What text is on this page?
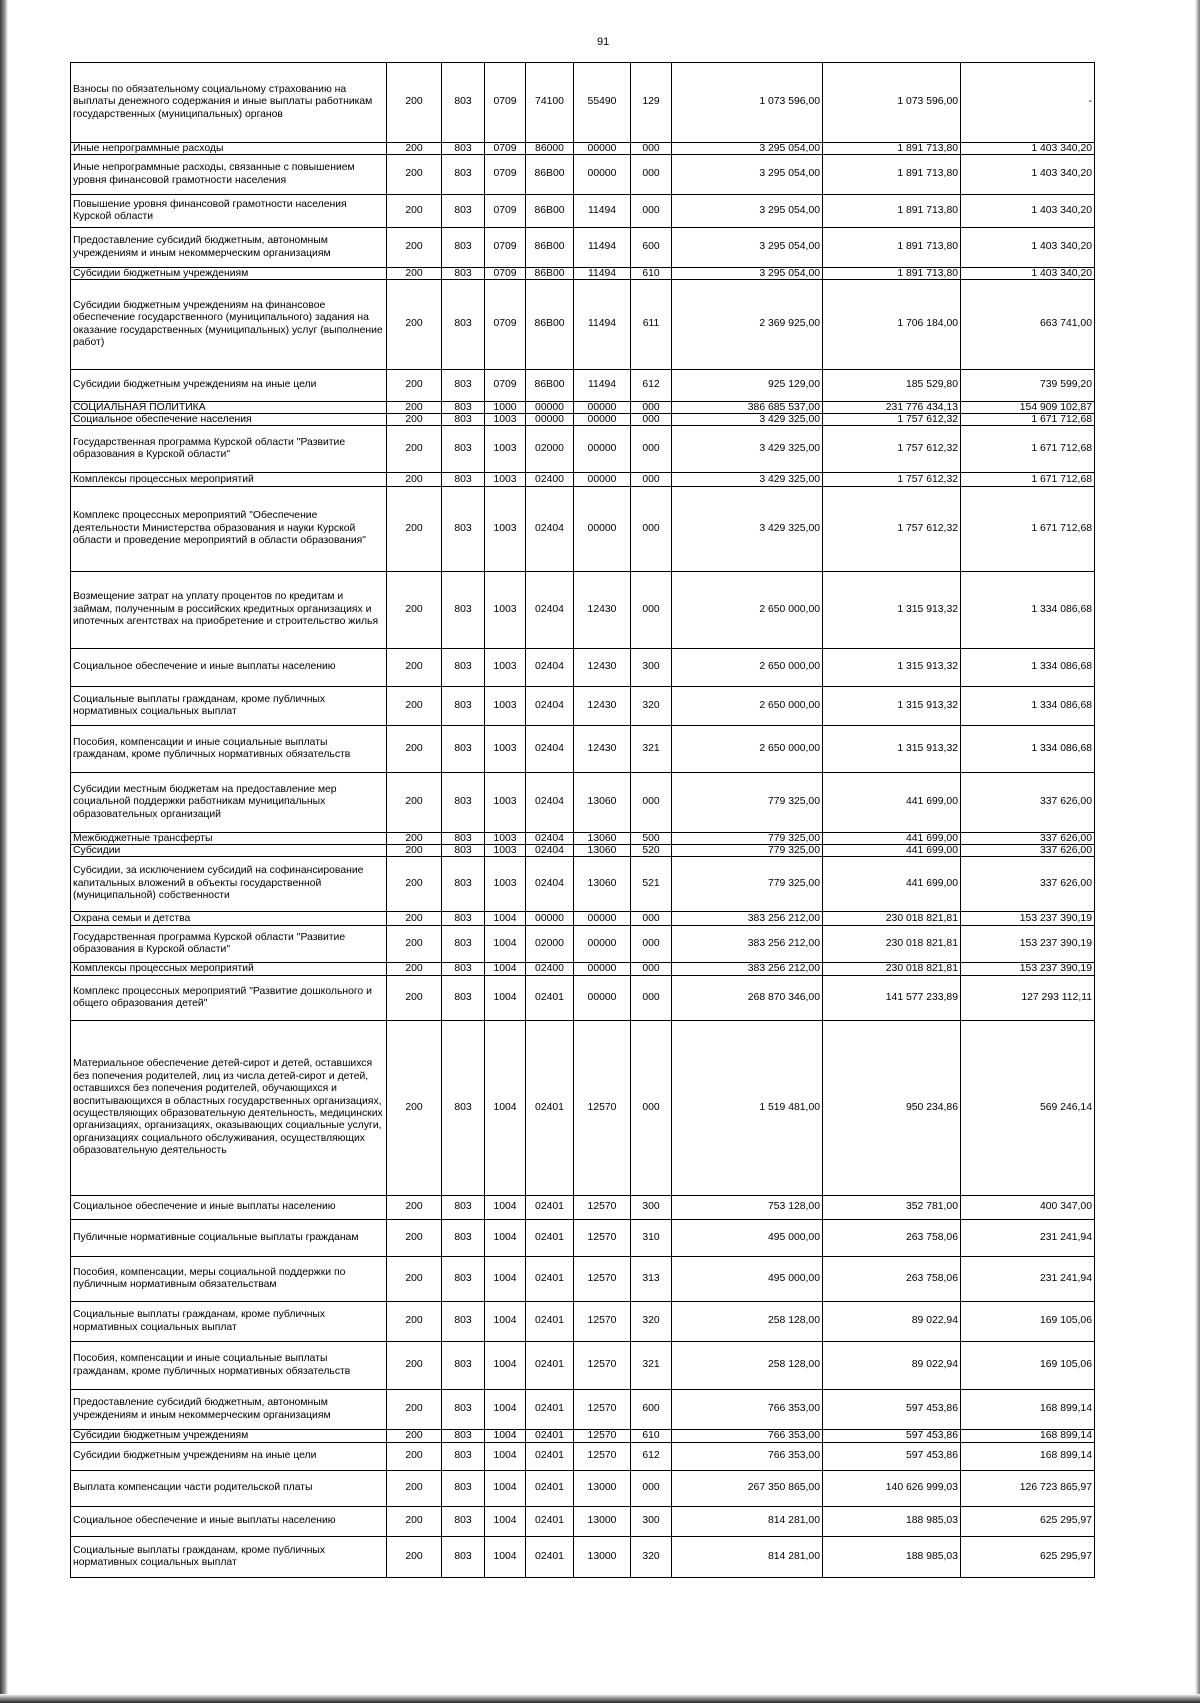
91
Взносы по обязательному социальному страхованию на выплаты денежного содержания и иные выплаты работникам государственных (муниципальных) органов	200	803	0709	74100	55490	129	1 073 596,00	1 073 596,00	-
Иные непрограммные расходы	200	803	0709	86000	00000	000	3 295 054,00	1 891 713,80	1 403 340,20
Иные непрограммные расходы, связанные с повышением уровня финансовой грамотности населения	200	803	0709	86В00	00000	000	3 295 054,00	1 891 713,80	1 403 340,20
Повышение уровня финансовой грамотности населения Курской области	200	803	0709	86В00	11494	000	3 295 054,00	1 891 713,80	1 403 340,20
Предоставление субсидий бюджетным, автономным учреждениям и иным некоммерческим организациям	200	803	0709	86В00	11494	600	3 295 054,00	1 891 713,80	1 403 340,20
Субсидии бюджетным учреждениям	200	803	0709	86В00	11494	610	3 295 054,00	1 891 713,80	1 403 340,20
Субсидии бюджетным учреждениям на финансовое обеспечение государственного (муниципального) задания на оказание государственных (муниципальных) услуг (выполнение работ)	200	803	0709	86В00	11494	611	2 369 925,00	1 706 184,00	663 741,00
Субсидии бюджетным учреждениям на иные цели	200	803	0709	86В00	11494	612	925 129,00	185 529,80	739 599,20
СОЦИАЛЬНАЯ ПОЛИТИКА	200	803	1000	00000	00000	000	386 685 537,00	231 776 434,13	154 909 102,87
Социальное обеспечение населения	200	803	1003	00000	00000	000	3 429 325,00	1 757 612,32	1 671 712,68
Государственная программа Курской области "Развитие образования в Курской области"	200	803	1003	02000	00000	000	3 429 325,00	1 757 612,32	1 671 712,68
Комплексы процессных мероприятий	200	803	1003	02400	00000	000	3 429 325,00	1 757 612,32	1 671 712,68
Комплекс процессных мероприятий "Обеспечение деятельности Министерства образования и науки Курской области и проведение мероприятий в области образования"	200	803	1003	02404	00000	000	3 429 325,00	1 757 612,32	1 671 712,68
Возмещение затрат на уплату процентов по кредитам и займам, полученным в российских кредитных организациях и ипотечных агентствах на приобретение и строительство жилья	200	803	1003	02404	12430	000	2 650 000,00	1 315 913,32	1 334 086,68
Социальное обеспечение и иные выплаты населению	200	803	1003	02404	12430	300	2 650 000,00	1 315 913,32	1 334 086,68
Социальные выплаты гражданам, кроме публичных нормативных социальных выплат	200	803	1003	02404	12430	320	2 650 000,00	1 315 913,32	1 334 086,68
Пособия, компенсации и иные социальные выплаты гражданам, кроме публичных нормативных обязательств	200	803	1003	02404	12430	321	2 650 000,00	1 315 913,32	1 334 086,68
Субсидии местным бюджетам на предоставление мер социальной поддержки работникам муниципальных образовательных организаций	200	803	1003	02404	13060	000	779 325,00	441 699,00	337 626,00
Межбюджетные трансферты	200	803	1003	02404	13060	500	779 325,00	441 699,00	337 626,00
Субсидии	200	803	1003	02404	13060	520	779 325,00	441 699,00	337 626,00
Субсидии, за исключением субсидий на софинансирование капитальных вложений в объекты государственной (муниципальной) собственности	200	803	1003	02404	13060	521	779 325,00	441 699,00	337 626,00
Охрана семьи и детства	200	803	1004	00000	00000	000	383 256 212,00	230 018 821,81	153 237 390,19
Государственная программа Курской области "Развитие образования в Курской области"	200	803	1004	02000	00000	000	383 256 212,00	230 018 821,81	153 237 390,19
Комплексы процессных мероприятий	200	803	1004	02400	00000	000	383 256 212,00	230 018 821,81	153 237 390,19
Комплекс процессных мероприятий "Развитие дошкольного и общего образования детей"	200	803	1004	02401	00000	000	268 870 346,00	141 577 233,89	127 293 112,11
Материальное обеспечение детей-сирот и детей, оставшихся без попечения родителей, лиц из числа детей-сирот и детей, оставшихся без попечения родителей, обучающихся и воспитывающихся в областных государственных организациях, осуществляющих образовательную деятельность, медицинских организациях, организациях, оказывающих социальные услуги, организациях социального обслуживания, осуществляющих образовательную деятельность	200	803	1004	02401	12570	000	1 519 481,00	950 234,86	569 246,14
Социальное обеспечение и иные выплаты населению	200	803	1004	02401	12570	300	753 128,00	352 781,00	400 347,00
Публичные нормативные социальные выплаты гражданам	200	803	1004	02401	12570	310	495 000,00	263 758,06	231 241,94
Пособия, компенсации, меры социальной поддержки по публичным нормативным обязательствам	200	803	1004	02401	12570	313	495 000,00	263 758,06	231 241,94
Социальные выплаты гражданам, кроме публичных нормативных социальных выплат	200	803	1004	02401	12570	320	258 128,00	89 022,94	169 105,06
Пособия, компенсации и иные социальные выплаты гражданам, кроме публичных нормативных обязательств	200	803	1004	02401	12570	321	258 128,00	89 022,94	169 105,06
Предоставление субсидий бюджетным, автономным учреждениям и иным некоммерческим организациям	200	803	1004	02401	12570	600	766 353,00	597 453,86	168 899,14
Субсидии бюджетным учреждениям	200	803	1004	02401	12570	610	766 353,00	597 453,86	168 899,14
Субсидии бюджетным учреждениям на иные цели	200	803	1004	02401	12570	612	766 353,00	597 453,86	168 899,14
Выплата компенсации части родительской платы	200	803	1004	02401	13000	000	267 350 865,00	140 626 999,03	126 723 865,97
Социальное обеспечение и иные выплаты населению	200	803	1004	02401	13000	300	814 281,00	188 985,03	625 295,97
Социальные выплаты гражданам, кроме публичных нормативных социальных выплат	200	803	1004	02401	13000	320	814 281,00	188 985,03	625 295,97
